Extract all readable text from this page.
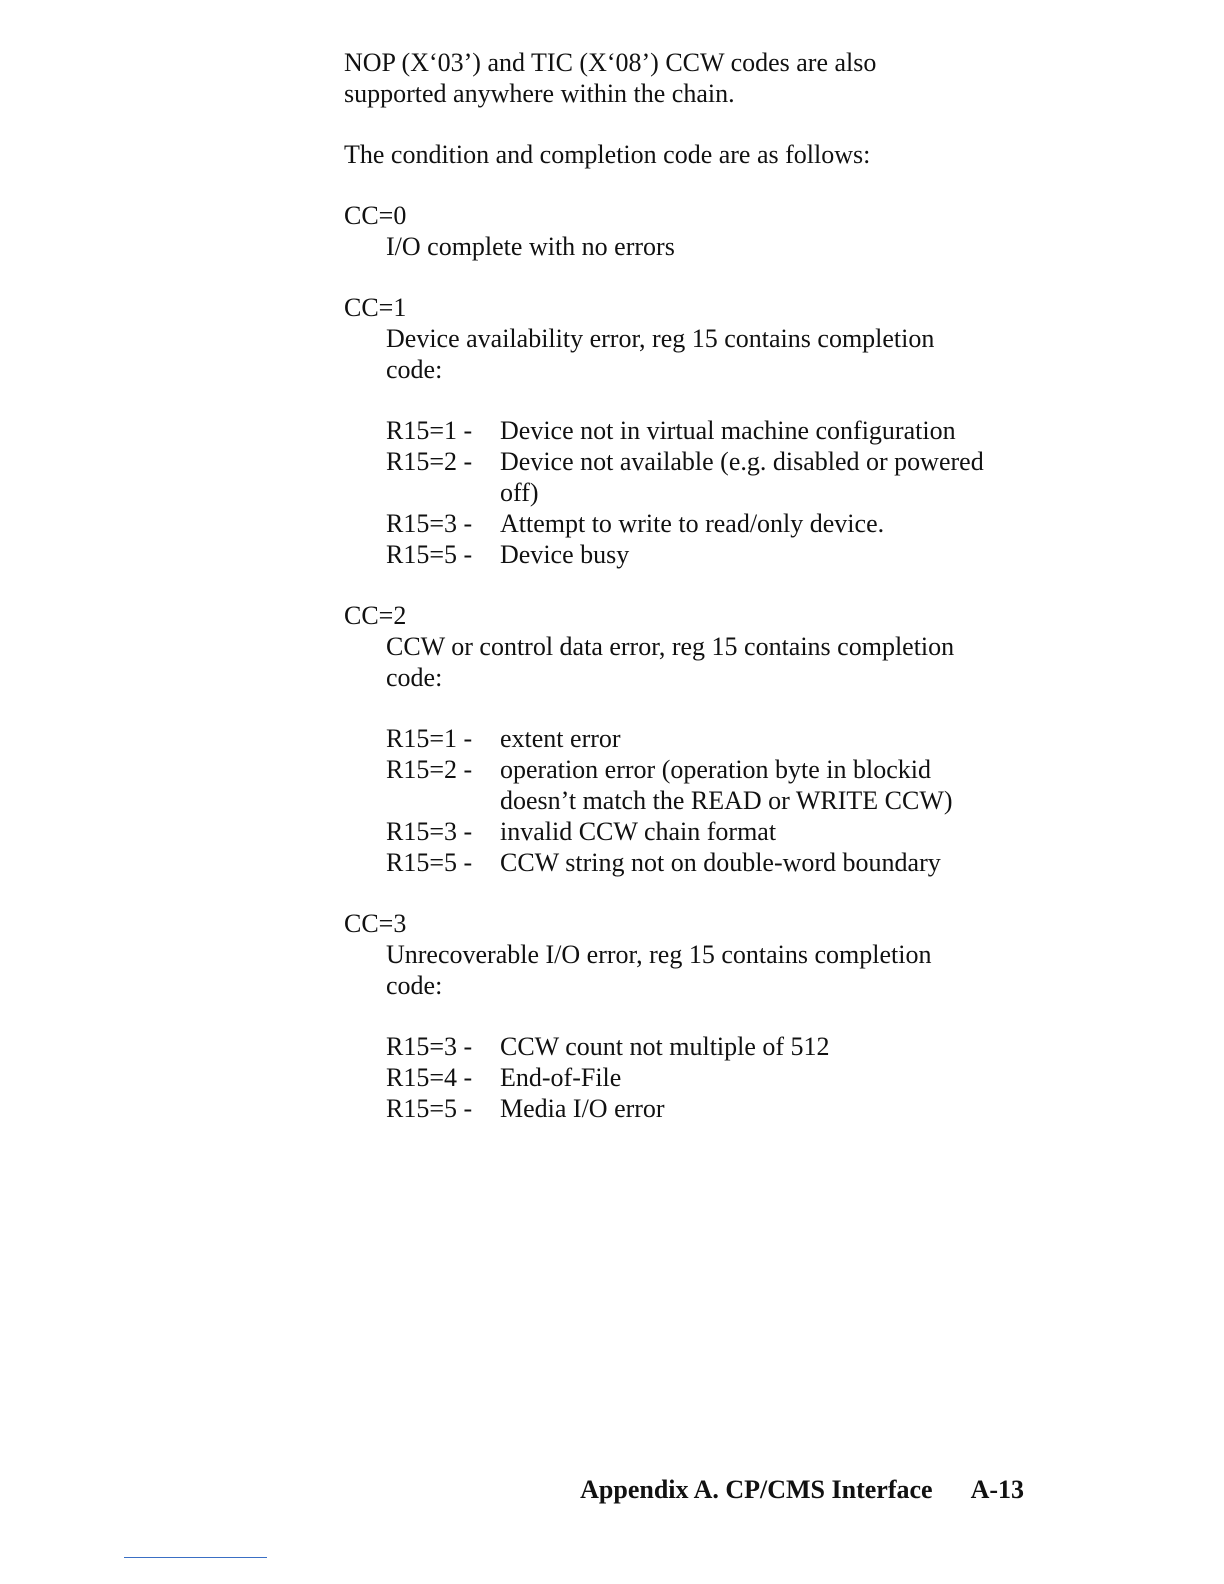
NOP (X‘03’) and TIC (X‘08’) CCW codes are also

supported anywhere within the chain.

The condition and completion code are as follows:

CC=0

I/O complete with no errors

CC=1

Device availability error, reg 15 contains completion code:

R15=1 -	Device not in virtual machine configuration
R15=2 -	Device not available (e.g. disabled or powered off)
R15=3 -	Attempt to write to read/only device.
R15=5 -	Device busy

CC=2

CCW or control data error, reg 15 contains completion code:

R15=1 -	extent error
R15=2 -	operation error (operation byte in blockid doesn’t match the READ or WRITE CCW)
R15=3 -	invalid CCW chain format
R15=5 -	CCW string not on double-word boundary

CC=3

Unrecoverable I/O error, reg 15 contains completion code:

R15=3 -	CCW count not multiple of 512
R15=4 -	End-of-File
R15=5 -	Media I/O error
Appendix A. CP/CMS Interface A-13
